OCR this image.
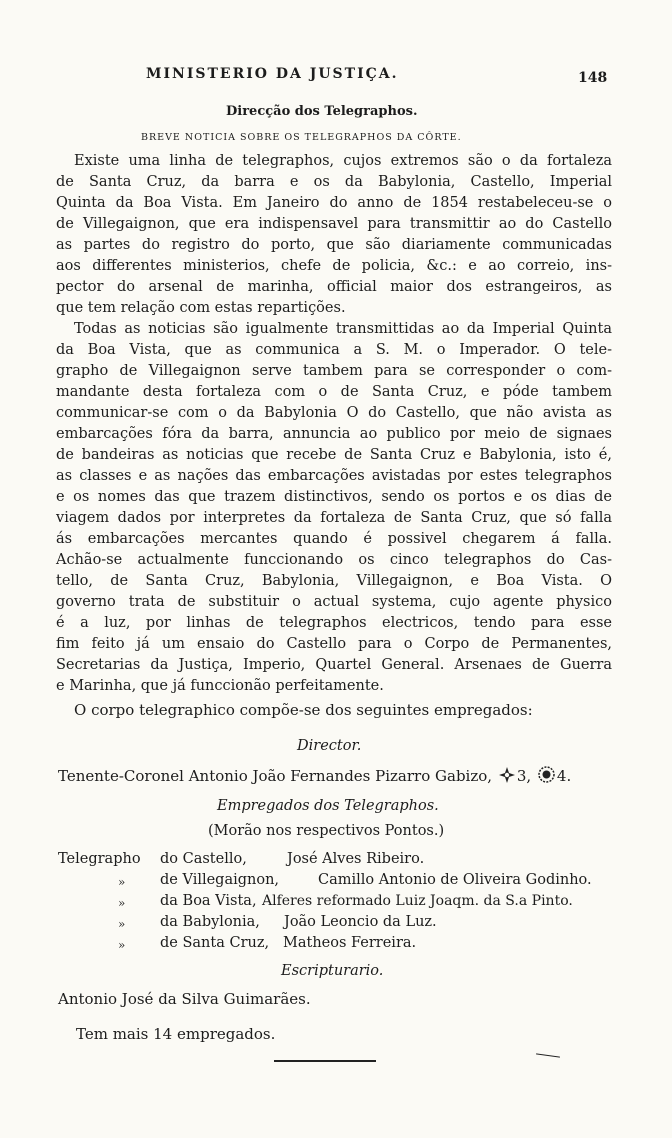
MINISTERIO DA JUSTIÇA.	148
Direcção dos Telegraphos.
BREVE NOTICIA SOBRE OS TELEGRAPHOS DA CÔRTE.
Existe uma linha de telegraphos, cujos extremos são o da fortaleza
de Santa Cruz, da barra e os da Babylonia, Castello, Imperial
Quinta da Boa Vista. Em Janeiro do anno de 1854 restabeleceu-se o
de Villegaignon, que era indispensavel para transmittir ao do Castello
as partes do registro do porto, que são diariamente communicadas
aos differentes ministerios, chefe de policia, &c.: e ao correio, ins-
pector do arsenal de marinha, official maior dos estrangeiros, as
que tem relação com estas repartições.
Todas as noticias são igualmente transmittidas ao da Imperial Quinta
da Boa Vista, que as communica a S. M. o Imperador. O tele-
grapho de Villegaignon serve tambem para se corresponder o com-
mandante desta fortaleza com o de Santa Cruz, e póde tambem
communicar-se com o da Babylonia O do Castello, que não avista as
embarcações fóra da barra, annuncia ao publico por meio de signaes
de bandeiras as noticias que recebe de Santa Cruz e Babylonia, isto é,
as classes e as nações das embarcações avistadas por estes telegraphos
e os nomes das que trazem distinctivos, sendo os portos e os dias de
viagem dados por interpretes da fortaleza de Santa Cruz, que só falla
ás embarcações mercantes quando é possivel chegarem á falla.
Achão-se actualmente funccionando os cinco telegraphos do Cas-
tello, de Santa Cruz, Babylonia, Villegaignon, e Boa Vista. O
governo trata de substituir o actual systema, cujo agente physico
é a luz, por linhas de telegraphos electricos, tendo para esse
fim feito já um ensaio do Castello para o Corpo de Permanentes,
Secretarias da Justiça, Imperio, Quartel General. Arsenaes de Guerra
e Marinha, que já funccionão perfeitamente.
O corpo telegraphico compõe-se dos seguintes empregados:
Director.
Tenente-Coronel Antonio João Fernandes Pizarro Gabizo, 3, 4.
Empregados dos Telegraphos.
(Morão nos respectivos Pontos.)
Telegrapho do Castello,	José Alves Ribeiro.
» de Villegaignon,	Camillo Antonio de Oliveira Godinho.
» da Boa Vista, Alferes reformado Luiz Joaqm. da S.a Pinto.
» da Babylonia, João Leoncio da Luz.
» de Santa Cruz, Matheos Ferreira.
Escripturario.
Antonio José da Silva Guimarães.
Tem mais 14 empregados.
